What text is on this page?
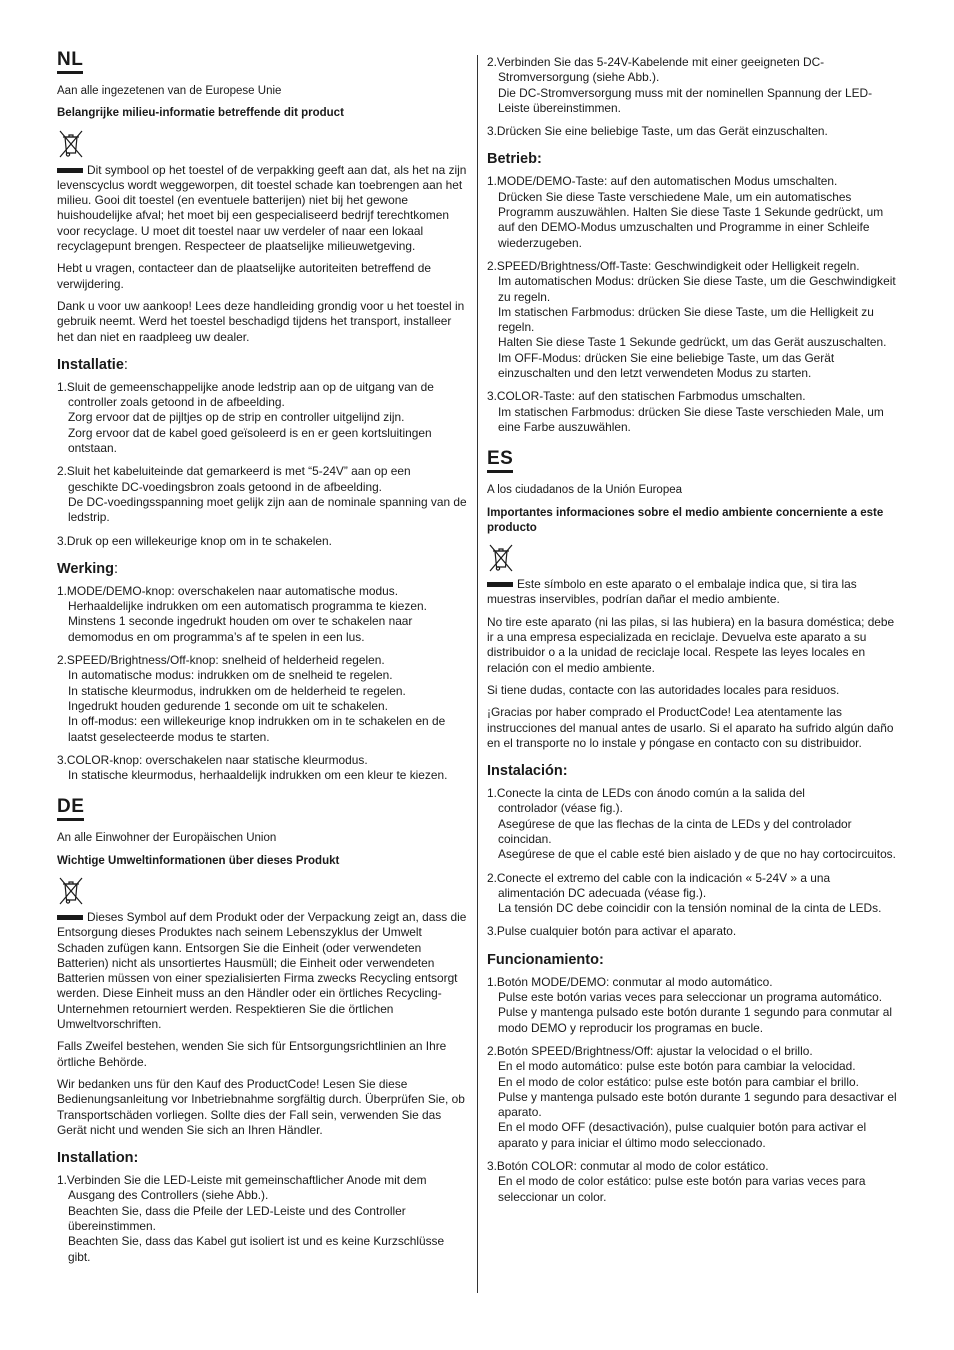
NL

Aan alle ingezetenen van de Europese Unie

Belangrijke milieu-informatie betreffende dit product

Dit symbool op het toestel of de verpakking geeft aan dat, als het na zijn levenscyclus wordt weggeworpen, dit toestel schade kan toebrengen aan het milieu. Gooi dit toestel (en eventuele batterijen) niet bij het gewone huishoudelijke afval; het moet bij een gespecialiseerd bedrijf terechtkomen voor recyclage. U moet dit toestel naar uw verdeler of naar een lokaal recyclagepunt brengen. Respecteer de plaatselijke milieuwetgeving.

Hebt u vragen, contacteer dan de plaatselijke autoriteiten betreffend de verwijdering.

Dank u voor uw aankoop! Lees deze handleiding grondig voor u het toestel in gebruik neemt. Werd het toestel beschadigd tijdens het transport, installeer het dan niet en raadpleeg uw dealer.

Installatie:
1.Sluit de gemeenschappelijke anode ledstrip aan op de uitgang van de
controller zoals getoond in de afbeelding.
Zorg ervoor dat de pijltjes op de strip en controller uitgelijnd zijn.
Zorg ervoor dat de kabel goed geïsoleerd is en er geen kortsluitingen ontstaan.
2.Sluit het kabeluiteinde dat gemarkeerd is met “5-24V” aan op een
geschikte DC-voedingsbron zoals getoond in de afbeelding.
De DC-voedingsspanning moet gelijk zijn aan de nominale spanning van de ledstrip.
3.Druk op een willekeurige knop om in te schakelen.
Werking:
1.MODE/DEMO-knop: overschakelen naar automatische modus.
Herhaaldelijke indrukken om een automatisch programma te kiezen.
Minstens 1 seconde ingedrukt houden om over te schakelen naar demomodus en om programma’s af te spelen in een lus.
2.SPEED/Brightness/Off-knop: snelheid of helderheid regelen.
In automatische modus: indrukken om de snelheid te regelen.
In statische kleurmodus, indrukken om de helderheid te regelen.
Ingedrukt houden gedurende 1 seconde om uit te schakelen.
In off-modus: een willekeurige knop indrukken om in te schakelen en de laatst geselecteerde modus te starten.
3.COLOR-knop: overschakelen naar statische kleurmodus.
In statische kleurmodus, herhaaldelijk indrukken om een kleur te kiezen.
DE

An alle Einwohner der Europäischen Union

Wichtige Umweltinformationen über dieses Produkt

Dieses Symbol auf dem Produkt oder der Verpackung zeigt an, dass die Entsorgung dieses Produktes nach seinem Lebenszyklus der Umwelt Schaden zufügen kann. Entsorgen Sie die Einheit (oder verwendeten Batterien) nicht als unsortiertes Hausmüll; die Einheit oder verwendeten Batterien müssen von einer spezialisierten Firma zwecks Recycling entsorgt werden. Diese Einheit muss an den Händler oder ein örtliches Recycling-Unternehmen retourniert werden. Respektieren Sie die örtlichen Umweltvorschriften.

Falls Zweifel bestehen, wenden Sie sich für Entsorgungsrichtlinien an Ihre örtliche Behörde.

Wir bedanken uns für den Kauf des ProductCode! Lesen Sie diese Bedienungsanleitung vor Inbetriebnahme sorgfältig durch. Überprüfen Sie, ob Transportschäden vorliegen. Sollte dies der Fall sein, verwenden Sie das Gerät nicht und wenden Sie sich an Ihren Händler.

Installation:
1.Verbinden Sie die LED-Leiste mit gemeinschaftlicher Anode mit dem
Ausgang des Controllers (siehe Abb.).
Beachten Sie, dass die Pfeile der LED-Leiste und des Controller übereinstimmen.
Beachten Sie, dass das Kabel gut isoliert ist und es keine Kurzschlüsse gibt.
2.Verbinden Sie das 5-24V-Kabelende mit einer geeigneten DC-
Stromversorgung (siehe Abb.).
Die DC-Stromversorgung muss mit der nominellen Spannung der LED-Leiste übereinstimmen.
3.Drücken Sie eine beliebige Taste, um das Gerät einzuschalten.
Betrieb:
1.MODE/DEMO-Taste: auf den automatischen Modus umschalten.
Drücken Sie diese Taste verschiedene Male, um ein automatisches Programm auszuwählen. Halten Sie diese Taste 1 Sekunde gedrückt, um auf den DEMO-Modus umzuschalten und Programme in einer Schleife wiederzugeben.
2.SPEED/Brightness/Off-Taste: Geschwindigkeit oder Helligkeit regeln.
Im automatischen Modus: drücken Sie diese Taste, um die Geschwindigkeit zu regeln.
Im statischen Farbmodus: drücken Sie diese Taste, um die Helligkeit zu regeln.
Halten Sie diese Taste 1 Sekunde gedrückt, um das Gerät auszuschalten.
Im OFF-Modus: drücken Sie eine beliebige Taste, um das Gerät einzuschalten und den letzt verwendeten Modus zu starten.
3.COLOR-Taste: auf den statischen Farbmodus umschalten.
Im statischen Farbmodus: drücken Sie diese Taste verschieden Male, um eine Farbe auszuwählen.
ES

A los ciudadanos de la Unión Europea

Importantes informaciones sobre el medio ambiente concerniente a este producto

Este símbolo en este aparato o el embalaje indica que, si tira las muestras inservibles, podrían dañar el medio ambiente.

No tire este aparato (ni las pilas, si las hubiera) en la basura doméstica; debe ir a una empresa especializada en reciclaje. Devuelva este aparato a su distribuidor o a la unidad de reciclaje local. Respete las leyes locales en relación con el medio ambiente.

Si tiene dudas, contacte con las autoridades locales para residuos.

¡Gracias por haber comprado el ProductCode! Lea atentamente las instrucciones del manual antes de usarlo. Si el aparato ha sufrido algún daño en el transporte no lo instale y póngase en contacto con su distribuidor.

Instalación:
1.Conecte la cinta de LEDs con ánodo común a la salida del
controlador (véase fig.).
Asegúrese de que las flechas de la cinta de LEDs y del controlador coincidan.
Asegúrese de que el cable esté bien aislado y de que no hay cortocircuitos.
2.Conecte el extremo del cable con la indicación « 5-24V » a una
alimentación DC adecuada (véase fig.).
La tensión DC debe coincidir con la tensión nominal de la cinta de LEDs.
3.Pulse cualquier botón para activar el aparato.
Funcionamiento:
1.Botón MODE/DEMO: conmutar al modo automático.
Pulse este botón varias veces para seleccionar un programa automático.
Pulse y mantenga pulsado este botón durante 1 segundo para conmutar al modo DEMO y reproducir los programas en bucle.
2.Botón SPEED/Brightness/Off: ajustar la velocidad o el brillo.
En el modo automático: pulse este botón para cambiar la velocidad.
En el modo de color estático: pulse este botón para cambiar el brillo.
Pulse y mantenga pulsado este botón durante 1 segundo para desactivar el aparato.
En el modo OFF (desactivación), pulse cualquier botón para activar el aparato y para iniciar el último modo seleccionado.
3.Botón COLOR: conmutar al modo de color estático.
En el modo de color estático: pulse este botón para varias veces para seleccionar un color.
